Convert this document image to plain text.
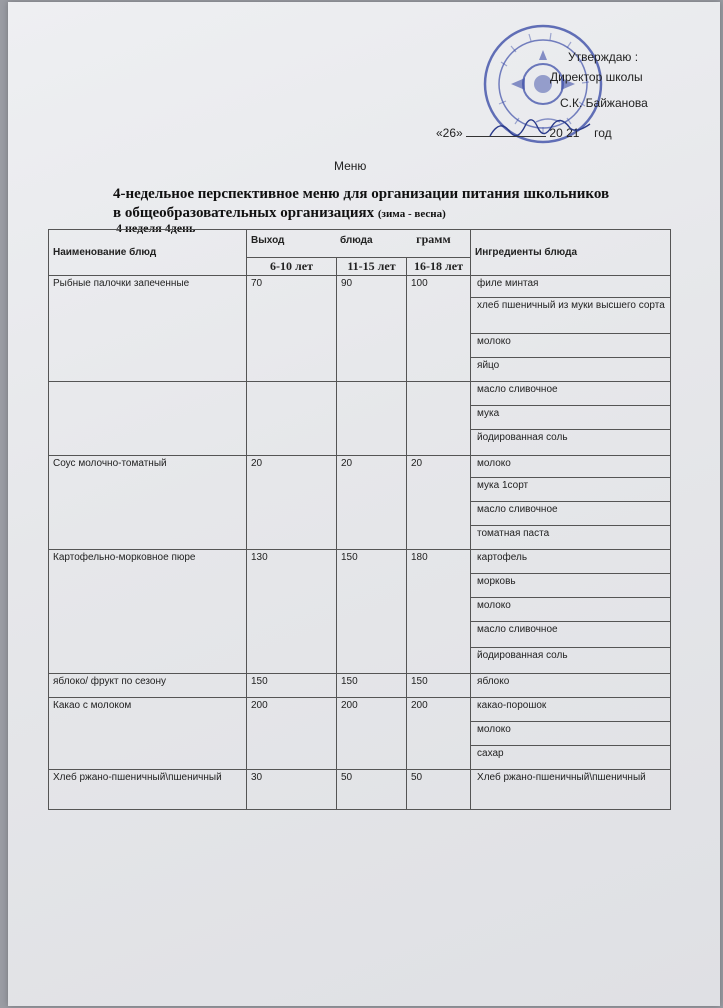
Утверждаю :
Директор школы
С.К. Байжанова
«26»	20 21 год
Меню
4-недельное перспективное меню для организации питания школьников
в общеобразовательных организациях (зима - весна)
4 неделя 4день
Наименование блюд	Выход блюда грамм			Ингредиенты блюда
	6-10 лет	11-15 лет	16-18 лет	
Рыбные палочки запеченные	70	90	100	филе минтая
				хлеб пшеничный из муки высшего сорта
				молоко
				яйцо
				масло сливочное
				мука
				йодированная соль
Соус молочно-томатный	20	20	20	молоко
				мука 1сорт
				масло сливочное
				томатная паста
Картофельно-морковное пюре	130	150	180	картофель
				морковь
				молоко
				масло сливочное
				йодированная соль
яблоко/ фрукт по сезону	150	150	150	яблоко
Какао с молоком	200	200	200	какао-порошок
				молоко
				сахар
Хлеб ржано-пшеничный\пшеничный	30	50	50	Хлеб ржано-пшеничный\пшеничный
